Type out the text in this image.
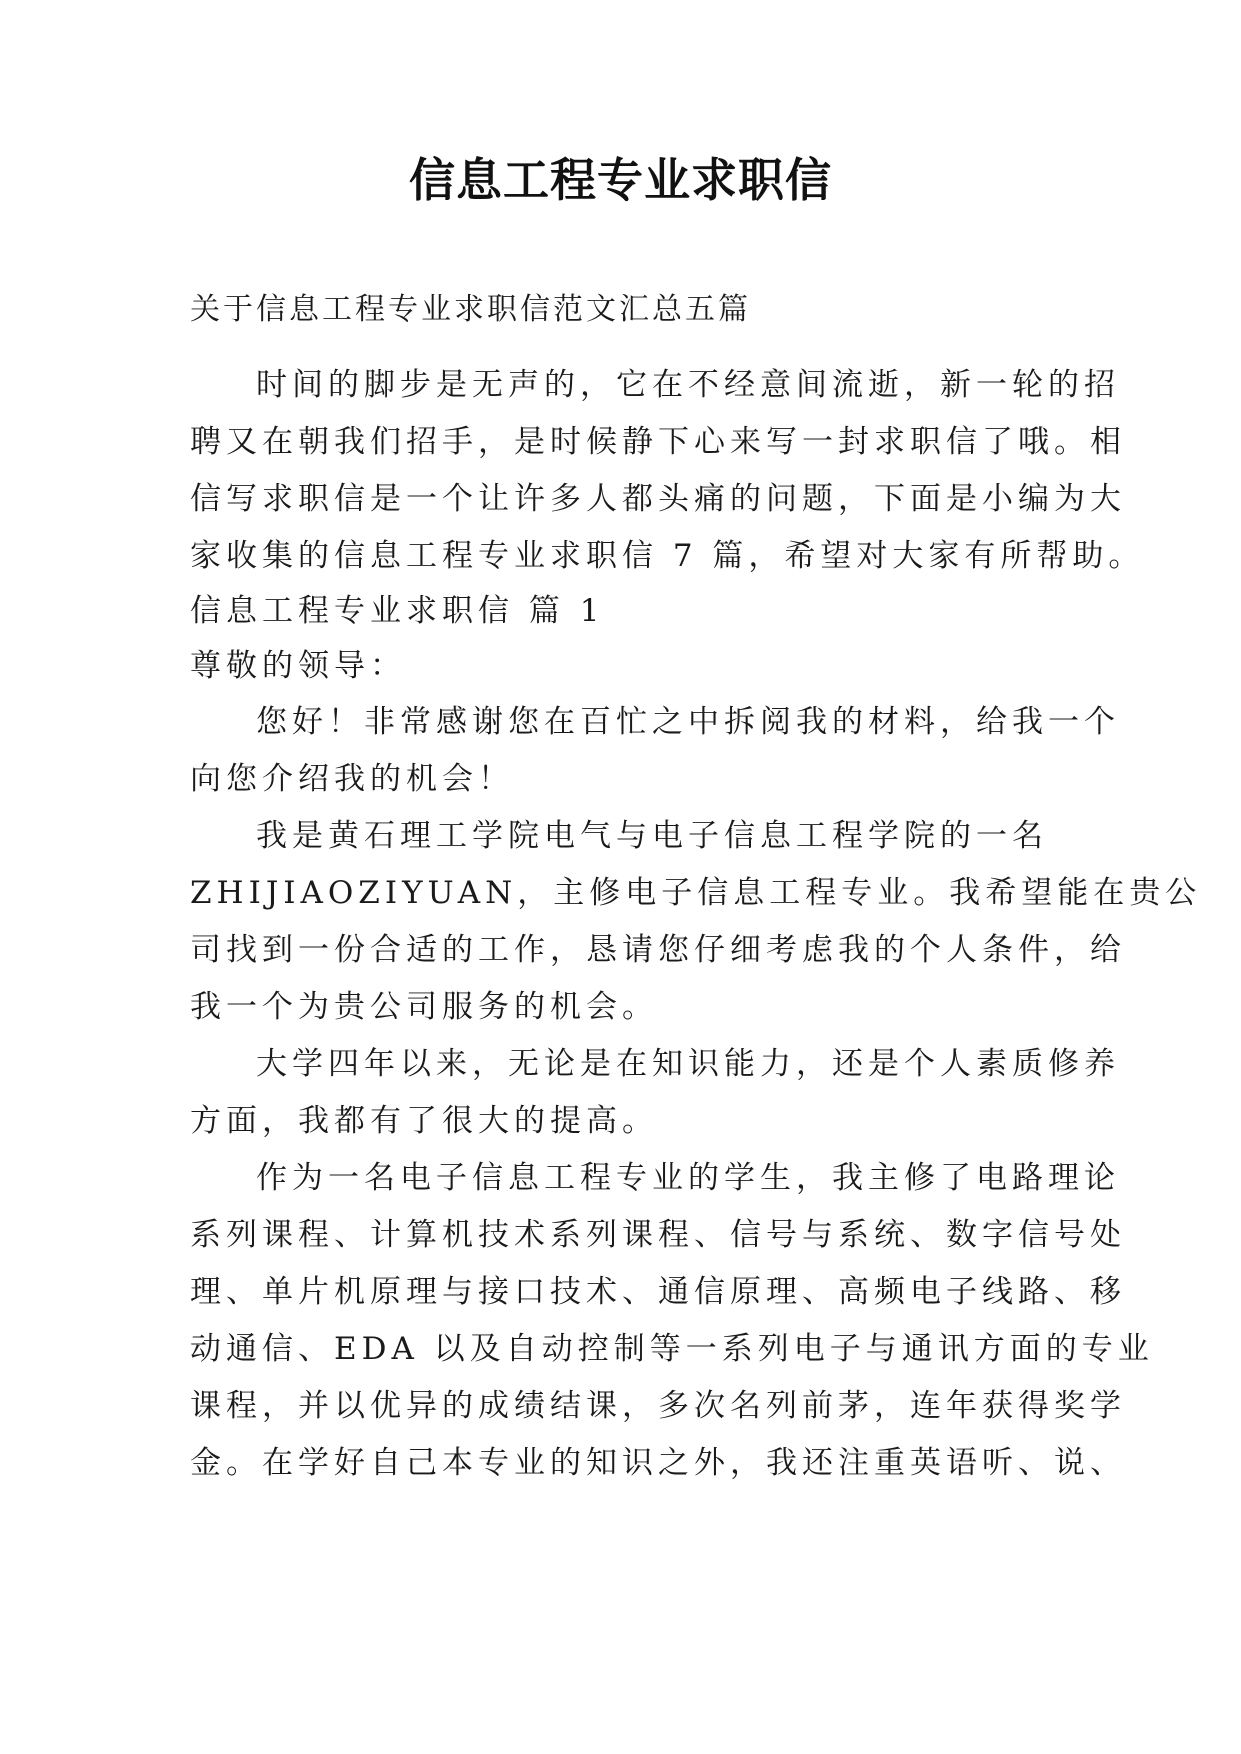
信息工程专业求职信
关于信息工程专业求职信范文汇总五篇
时间的脚步是无声的，它在不经意间流逝，新一轮的招
聘又在朝我们招手，是时候静下心来写一封求职信了哦。相
信写求职信是一个让许多人都头痛的问题，下面是小编为大
家收集的信息工程专业求职信 7 篇，希望对大家有所帮助。
信息工程专业求职信 篇 1
尊敬的领导：
您好！非常感谢您在百忙之中拆阅我的材料，给我一个
向您介绍我的机会！
我是黄石理工学院电气与电子信息工程学院的一名
ZHIJIAOZIYUAN，主修电子信息工程专业。我希望能在贵公
司找到一份合适的工作，恳请您仔细考虑我的个人条件，给
我一个为贵公司服务的机会。
大学四年以来，无论是在知识能力，还是个人素质修养
方面，我都有了很大的提高。
作为一名电子信息工程专业的学生，我主修了电路理论
系列课程、计算机技术系列课程、信号与系统、数字信号处
理、单片机原理与接口技术、通信原理、高频电子线路、移
动通信、EDA 以及自动控制等一系列电子与通讯方面的专业
课程，并以优异的成绩结课，多次名列前茅，连年获得奖学
金。在学好自己本专业的知识之外，我还注重英语听、说、
